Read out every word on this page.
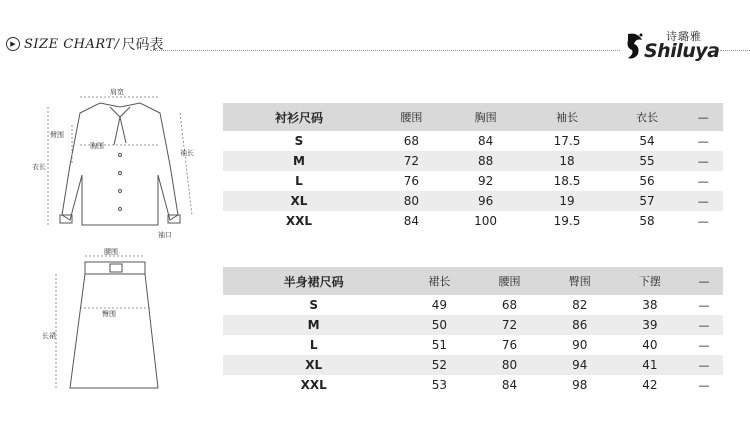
▶ SIZE CHART/ 尺码表
诗璐雅
Shiluya
肩宽
胸围
臂围
衣长
袖长
袖口
腰围
臀围
长裙
衬衫尺码	腰围	胸围	袖长	衣长	—
S	68	84	17.5	54	—
M	72	88	18	55	—
L	76	92	18.5	56	—
XL	80	96	19	57	—
XXL	84	100	19.5	58	—
半身裙尺码	裙长	腰围	臀围	下摆	—
S	49	68	82	38	—
M	50	72	86	39	—
L	51	76	90	40	—
XL	52	80	94	41	—
XXL	53	84	98	42	—
